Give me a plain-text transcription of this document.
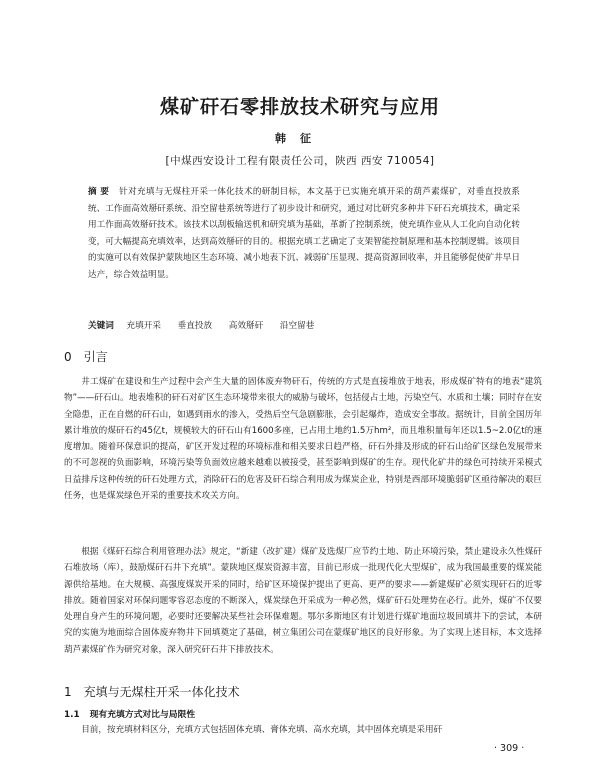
煤矿矸石零排放技术研究与应用
韩征
[中煤西安设计工程有限责任公司，陕西 西安 710054]
摘 要 针对充填与无煤柱开采一体化技术的研制目标，本文基于已实施充填开采的葫芦素煤矿，对垂直投放系统、工作面高效掰矸系统、沿空留巷系统等进行了初步设计和研究，通过对比研究多种井下矸石充填技术，确定采用工作面高效掰矸技术。该技术以刮板输送机和研究填为基础，革新了控制系统，使充填作业从人工化向自动化转变，可大幅提高充填效率，达到高效掰矸的目的。根据充填工艺确定了支架智能控制原理和基本控制逻辑。该项目的实施可以有效保护蒙陕地区生态环境、减小地表下沉、减弱矿压显现、提高资源回收率，并且能够促使矿井早日达产，综合效益明显。
关键词 充填开采 垂直投放 高效掰矸 沿空留巷
0 引言
井工煤矿在建设和生产过程中会产生大量的固体废弃物矸石，传统的方式是直接堆放于地表，形成煤矿特有的地表“建筑物”——矸石山。地表堆积的矸石对矿区生态环境带来很大的威胁与破坏，包括侵占土地，污染空气、水质和土壤；同时存在安全隐患，正在自燃的矸石山，如遇到雨水的渗入，受热后空气急剧膨胀，会引起爆炸，造成安全事故。据统计，目前全国历年累计堆放的煤矸石约45亿t，规模较大的矸石山有1600多座，已占用土地约1.5万hm²，而且堆积量每年还以1.5~2.0亿t的速度增加。随着环保意识的提高，矿区开发过程的环境标准和相关要求日趋严格，矸石外排及形成的矸石山给矿区绿色发展带来的不可忽视的负面影响，环境污染等负面效应越来越难以被接受，甚至影响到煤矿的生存。现代化矿井的绿色可持续开采模式日益排斥这种传统的矸石处理方式，消除矸石的危害及矸石综合利用成为煤炭企业，特别是西部环境脆弱矿区亟待解决的艰巨任务，也是煤炭绿色开采的重要技术攻关方向。
根据《煤矸石综合利用管理办法》规定，“新建（改扩建）煤矿及选煤厂应节约土地、防止环境污染，禁止建设永久性煤矸石堆放场（库），鼓励煤矸石井下充填”。蒙陕地区煤炭资源丰富，目前已形成一批现代化大型煤矿，成为我国最重要的煤炭能源供给基地。在大规模、高强度煤炭开采的同时，给矿区环境保护提出了更高、更严的要求——新建煤矿必须实现矸石的近零排放。随着国家对环保问题零容忍态度的不断深入，煤炭绿色开采成为一种必然，煤矿矸石处理势在必行。此外，煤矿不仅要处理自身产生的环境问题，必要时还要解决某些社会环保难题。鄂尔多斯地区有计划进行煤矿地面垃圾回填井下的尝试，本研究的实施为地面综合固体废弃物井下回填奠定了基础，树立集团公司在蒙煤矿地区的良好形象。为了实现上述目标，本文选择葫芦素煤矿作为研究对象，深入研究矸石井下排放技术。
1 充填与无煤柱开采一体化技术
1.1 现有充填方式对比与局限性
目前，按充填材料区分，充填方式包括固体充填、膏体充填、高水充填，其中固体充填是采用矸
· 309 ·
